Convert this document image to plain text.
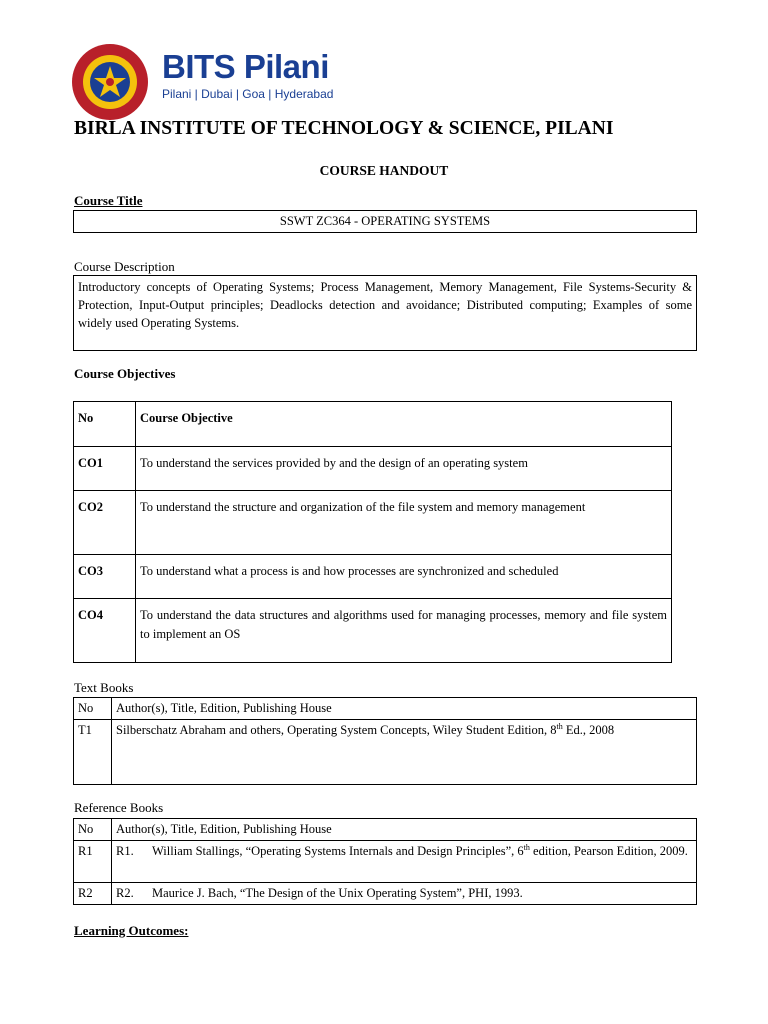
BITS Pilani
Pilani | Dubai | Goa | Hyderabad
BIRLA INSTITUTE OF TECHNOLOGY & SCIENCE, PILANI
COURSE HANDOUT
Course Title
SSWT ZC364 - OPERATING SYSTEMS
Course Description
Introductory concepts of Operating Systems; Process Management, Memory Management, File Systems-Security & Protection, Input-Output principles; Deadlocks detection and avoidance; Distributed computing; Examples of some widely used Operating Systems.
Course Objectives
No	Course Objective
CO1	To understand the services provided by and the design of an operating system
CO2	To understand the structure and organization of the file system and memory management
CO3	To understand what a process is and how processes are synchronized and scheduled
CO4	To understand the data structures and algorithms used for managing processes, memory and file system to implement an OS
Text Books
No	Author(s), Title, Edition, Publishing House
T1	Silberschatz Abraham and others, Operating System Concepts, Wiley Student Edition, 8th Ed., 2008
Reference Books
No	Author(s), Title, Edition, Publishing House
R1	R1. William Stallings, “Operating Systems Internals and Design Principles”, 6th edition, Pearson Edition, 2009.
R2	R2. Maurice J. Bach, “The Design of the Unix Operating System”, PHI, 1993.
Learning Outcomes:
